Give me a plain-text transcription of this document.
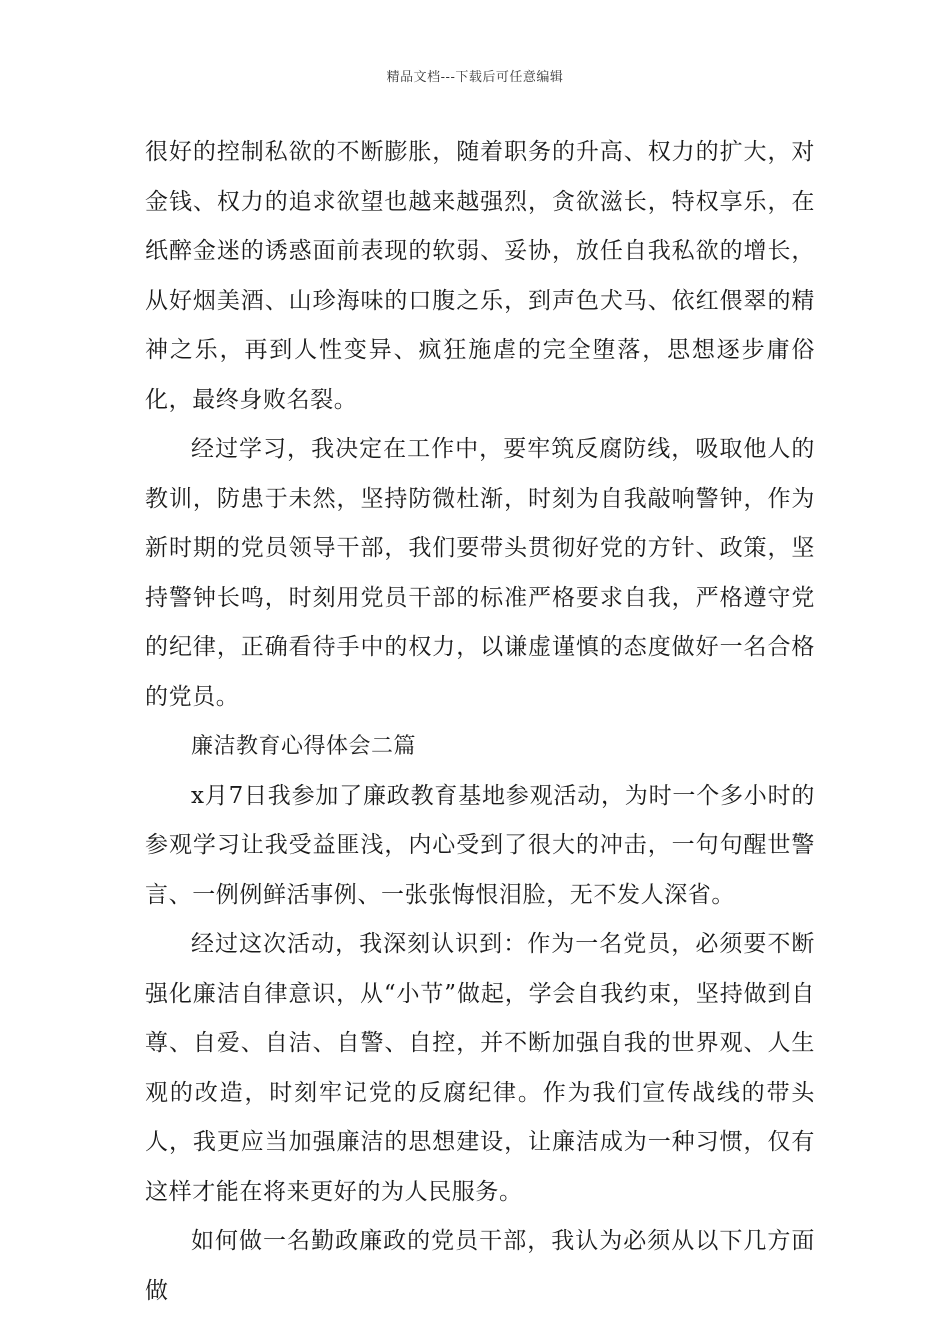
精品文档---下载后可任意编辑

很好的控制私欲的不断膨胀，随着职务的升高、权力的扩大，对金钱、权力的追求欲望也越来越强烈，贪欲滋长，特权享乐，在纸醉金迷的诱惑面前表现的软弱、妥协，放任自我私欲的增长，从好烟美酒、山珍海味的口腹之乐，到声色犬马、依红偎翠的精神之乐，再到人性变异、疯狂施虐的完全堕落，思想逐步庸俗化，最终身败名裂。

经过学习，我决定在工作中，要牢筑反腐防线，吸取他人的教训，防患于未然，坚持防微杜渐，时刻为自我敲响警钟，作为新时期的党员领导干部，我们要带头贯彻好党的方针、政策，坚持警钟长鸣，时刻用党员干部的标准严格要求自我，严格遵守党的纪律，正确看待手中的权力，以谦虚谨慎的态度做好一名合格的党员。

廉洁教育心得体会二篇

x月7日我参加了廉政教育基地参观活动，为时一个多小时的参观学习让我受益匪浅，内心受到了很大的冲击，一句句醒世警言、一例例鲜活事例、一张张悔恨泪脸，无不发人深省。

经过这次活动，我深刻认识到：作为一名党员，必须要不断强化廉洁自律意识，从“小节”做起，学会自我约束，坚持做到自尊、自爱、自洁、自警、自控，并不断加强自我的世界观、人生观的改造，时刻牢记党的反腐纪律。作为我们宣传战线的带头人，我更应当加强廉洁的思想建设，让廉洁成为一种习惯，仅有这样才能在将来更好的为人民服务。

如何做一名勤政廉政的党员干部，我认为必须从以下几方面做
